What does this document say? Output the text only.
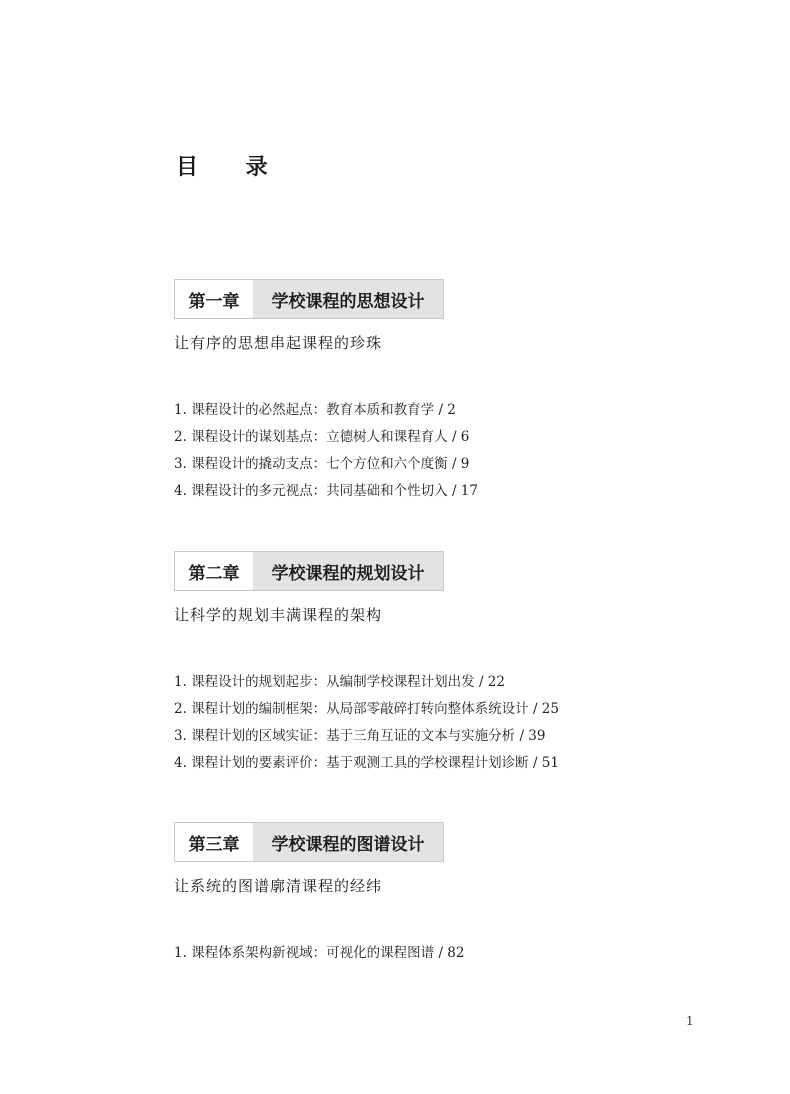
目 录
第一章	学校课程的思想设计
让有序的思想串起课程的珍珠
1. 课程设计的必然起点：教育本质和教育学 / 2
2. 课程设计的谋划基点：立德树人和课程育人 / 6
3. 课程设计的撬动支点：七个方位和六个度衡 / 9
4. 课程设计的多元视点：共同基础和个性切入 / 17
第二章	学校课程的规划设计
让科学的规划丰满课程的架构
1. 课程设计的规划起步：从编制学校课程计划出发 / 22
2. 课程计划的编制框架：从局部零敲碎打转向整体系统设计 / 25
3. 课程计划的区域实证：基于三角互证的文本与实施分析 / 39
4. 课程计划的要素评价：基于观测工具的学校课程计划诊断 / 51
第三章	学校课程的图谱设计
让系统的图谱廓清课程的经纬
1. 课程体系架构新视域：可视化的课程图谱 / 82
1
